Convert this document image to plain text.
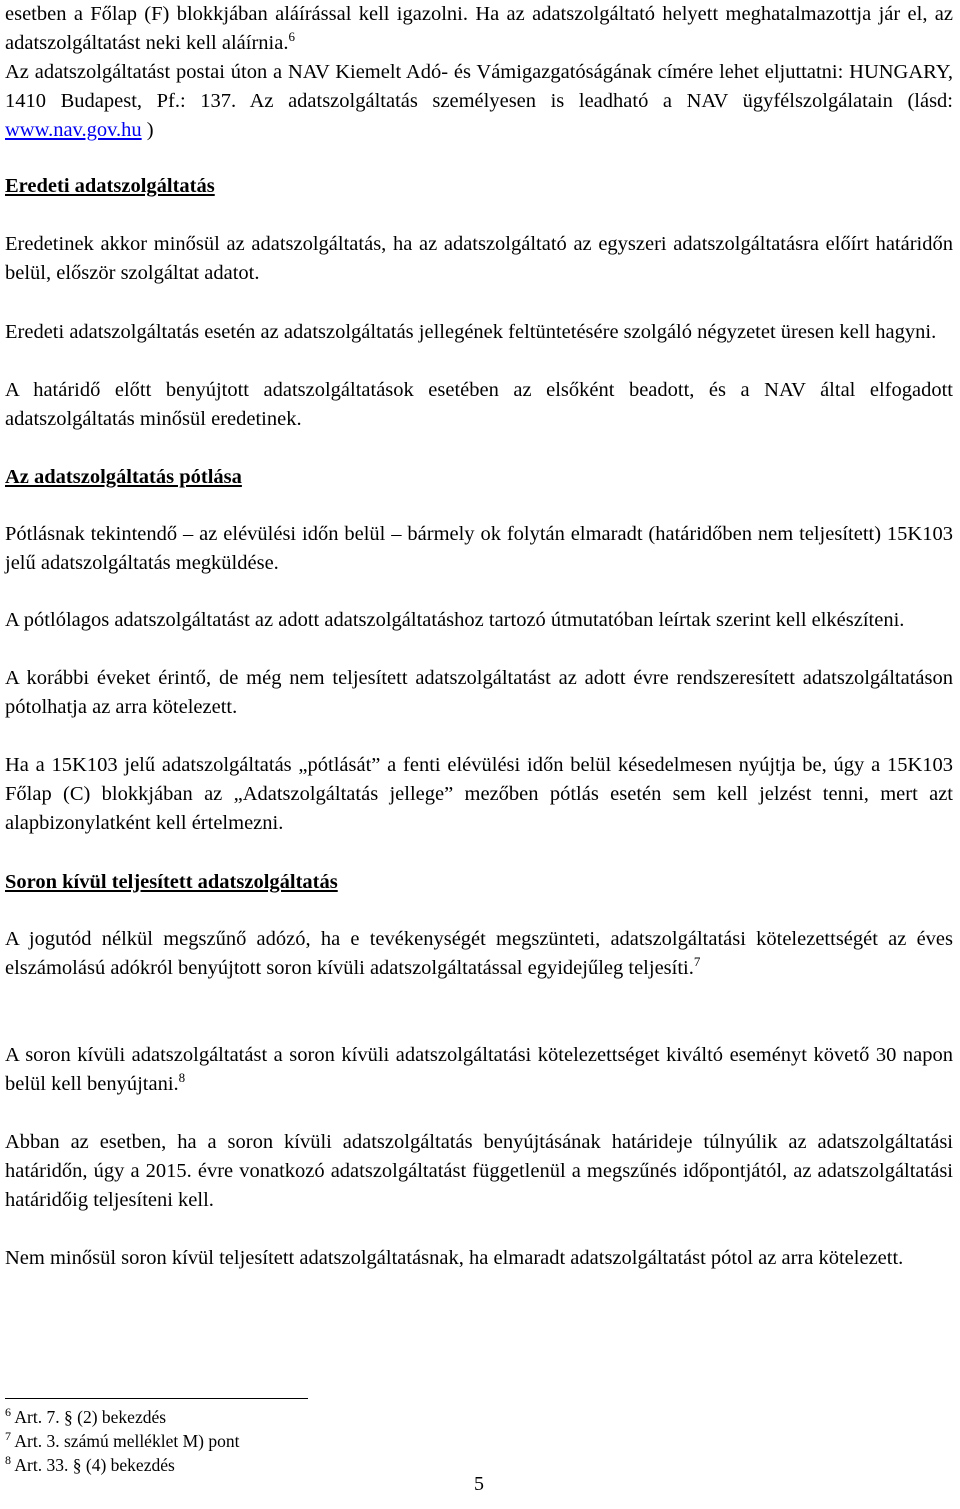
esetben a Főlap (F) blokkjában aláírással kell igazolni. Ha az adatszolgáltató helyett meghatalmazottja jár el, az adatszolgáltatást neki kell aláírnia.$^6$

Az adatszolgáltatást postai úton a NAV Kiemelt Adó- és Vámigazgatóságának címére lehet eljuttatni: HUNGARY, 1410 Budapest, Pf.: 137. Az adatszolgáltatás személyesen is leadható a NAV ügyfélszolgálatain (lásd: www.nav.gov.hu )

Eredeti adatszolgáltatás

Eredetinek akkor minősül az adatszolgáltatás, ha az adatszolgáltató az egyszeri adatszolgáltatásra előírt határidőn belül, először szolgáltat adatot.

Eredeti adatszolgáltatás esetén az adatszolgáltatás jellegének feltüntetésére szolgáló négyzetet üresen kell hagyni.

A határidő előtt benyújtott adatszolgáltatások esetében az elsőként beadott, és a NAV által elfogadott adatszolgáltatás minősül eredetinek.

Az adatszolgáltatás pótlása

Pótlásnak tekintendő – az elévülési időn belül – bármely ok folytán elmaradt (határidőben nem teljesített) 15K103 jelű adatszolgáltatás megküldése.

A pótlólagos adatszolgáltatást az adott adatszolgáltatáshoz tartozó útmutatóban leírtak szerint kell elkészíteni.

A korábbi éveket érintő, de még nem teljesített adatszolgáltatást az adott évre rendszeresített adatszolgáltatáson pótolhatja az arra kötelezett.

Ha a 15K103 jelű adatszolgáltatás „pótlását” a fenti elévülési időn belül késedelmesen nyújtja be, úgy a 15K103 Főlap (C) blokkjában az „Adatszolgáltatás jellege” mezőben pótlás esetén sem kell jelzést tenni, mert azt alapbizonylatként kell értelmezni.

Soron kívül teljesített adatszolgáltatás

A jogutód nélkül megszűnő adózó, ha e tevékenységét megszünteti, adatszolgáltatási kötelezettségét az éves elszámolású adókról benyújtott soron kívüli adatszolgáltatással egyidejűleg teljesíti.$^7$

A soron kívüli adatszolgáltatást a soron kívüli adatszolgáltatási kötelezettséget kiváltó eseményt követő 30 napon belül kell benyújtani.$^8$

Abban az esetben, ha a soron kívüli adatszolgáltatás benyújtásának határideje túlnyúlik az adatszolgáltatási határidőn, úgy a 2015. évre vonatkozó adatszolgáltatást függetlenül a megszűnés időpontjától, az adatszolgáltatási határidőig teljesíteni kell.

Nem minősül soron kívül teljesített adatszolgáltatásnak, ha elmaradt adatszolgáltatást pótol az arra kötelezett.

$^6$ Art. 7. § (2) bekezdés
$^7$ Art. 3. számú melléklet M) pont
$^8$ Art. 33. § (4) bekezdés
5
